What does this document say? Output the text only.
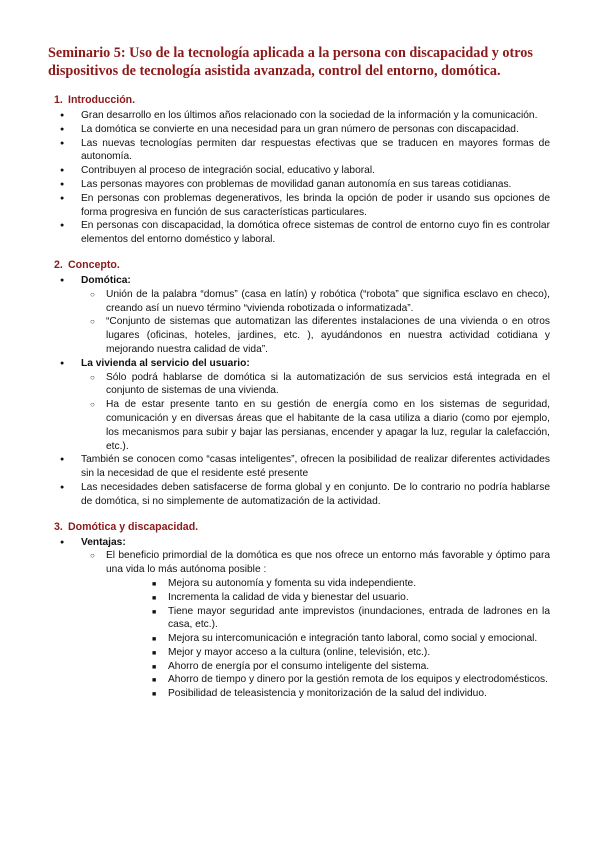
Seminario 5: Uso de la tecnología aplicada a la persona con discapacidad y otros dispositivos de tecnología asistida avanzada, control del entorno, domótica.
1. Introducción.
● Gran desarrollo en los últimos años relacionado con la sociedad de la información y la comunicación.
● La domótica se convierte en una necesidad para un gran número de personas con discapacidad.
● Las nuevas tecnologías permiten dar respuestas efectivas que se traducen en mayores formas de autonomía.
● Contribuyen al proceso de integración social, educativo y laboral.
● Las personas mayores con problemas de movilidad ganan autonomía en sus tareas cotidianas.
● En personas con problemas degenerativos, les brinda la opción de poder ir usando sus opciones de forma progresiva en función de sus características particulares.
● En personas con discapacidad, la domótica ofrece sistemas de control de entorno cuyo fin es controlar elementos del entorno doméstico y laboral.
2. Concepto.
● Domótica:
○ Unión de la palabra “domus” (casa en latín) y robótica (“robota” que significa esclavo en checo), creando así un nuevo término “vivienda robotizada o informatizada”.
○ “Conjunto de sistemas que automatizan las diferentes instalaciones de una vivienda o en otros lugares (oficinas, hoteles, jardines, etc. ), ayudándonos en nuestra actividad cotidiana y mejorando nuestra calidad de vida”.
● La vivienda al servicio del usuario:
○ Sólo podrá hablarse de domótica si la automatización de sus servicios está integrada en el conjunto de sistemas de una vivienda.
○ Ha de estar presente tanto en su gestión de energía como en los sistemas de seguridad, comunicación y en diversas áreas que el habitante de la casa utiliza a diario (como por ejemplo, los mecanismos para subir y bajar las persianas, encender y apagar la luz, regular la calefacción, etc.).
● También se conocen como “casas inteligentes”, ofrecen la posibilidad de realizar diferentes actividades sin la necesidad de que el residente esté presente
● Las necesidades deben satisfacerse de forma global y en conjunto. De lo contrario no podría hablarse de domótica, si no simplemente de automatización de la actividad.
3. Domótica y discapacidad.
● Ventajas:
○ El beneficio primordial de la domótica es que nos ofrece un entorno más favorable y óptimo para una vida lo más autónoma posible :
■ Mejora su autonomía y fomenta su vida independiente.
■ Incrementa la calidad de vida y bienestar del usuario.
■ Tiene mayor seguridad ante imprevistos (inundaciones, entrada de ladrones en la casa, etc.).
■ Mejora su intercomunicación e integración tanto laboral, como social y emocional.
■ Mejor y mayor acceso a la cultura (online, televisión, etc.).
■ Ahorro de energía por el consumo inteligente del sistema.
■ Ahorro de tiempo y dinero por la gestión remota de los equipos y electrodomésticos.
■ Posibilidad de teleasistencia y monitorización de la salud del individuo.
